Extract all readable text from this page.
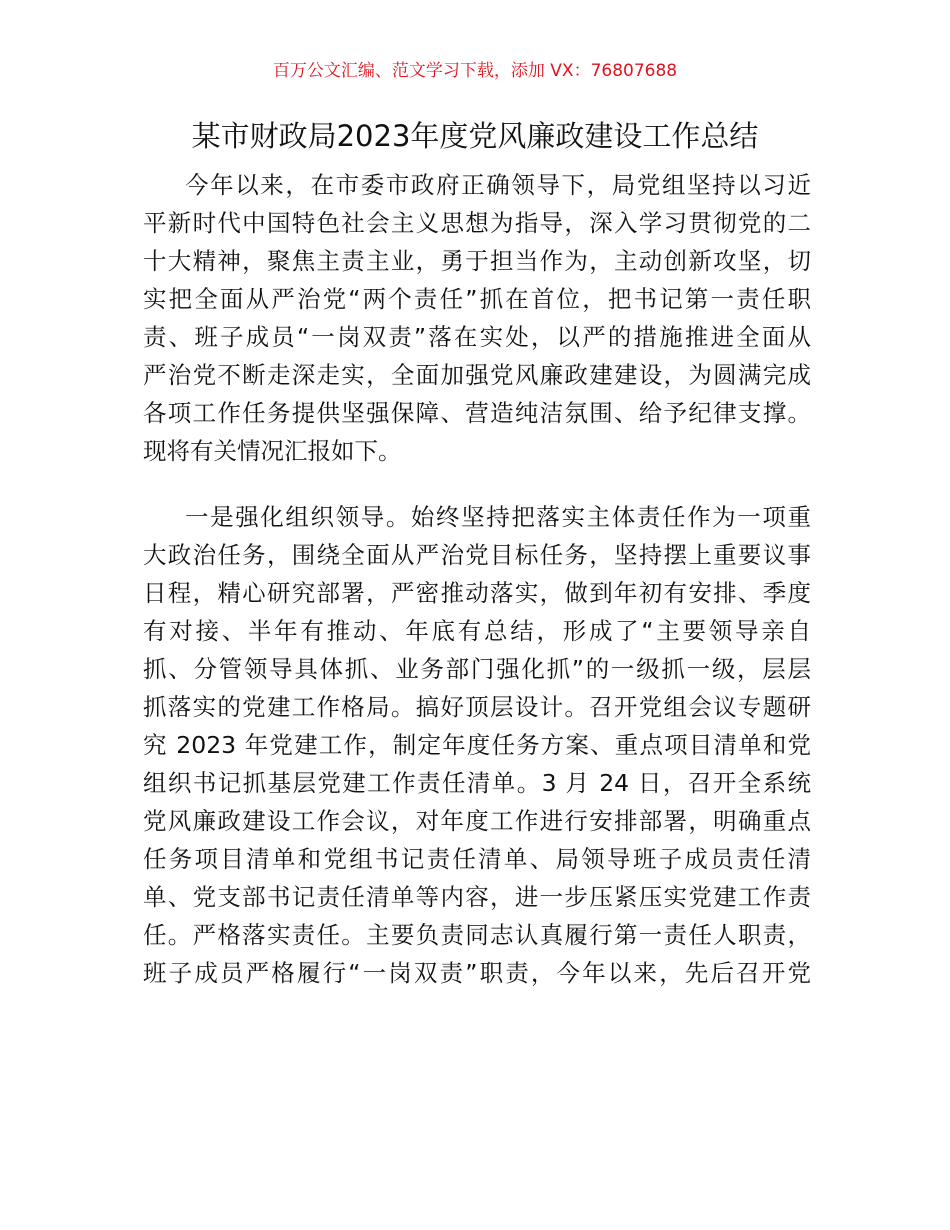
百万公文汇编、范文学习下载，添加 VX：76807688
某市财政局2023年度党风廉政建设工作总结
今年以来，在市委市政府正确领导下，局党组坚持以习近
平新时代中国特色社会主义思想为指导，深入学习贯彻党的二
十大精神，聚焦主责主业，勇于担当作为，主动创新攻坚，切
实把全面从严治党“两个责任”抓在首位，把书记第一责任职
责、班子成员“一岗双责”落在实处，以严的措施推进全面从
严治党不断走深走实，全面加强党风廉政建建设，为圆满完成
各项工作任务提供坚强保障、营造纯洁氛围、给予纪律支撑。
现将有关情况汇报如下。
一是强化组织领导。始终坚持把落实主体责任作为一项重
大政治任务，围绕全面从严治党目标任务，坚持摆上重要议事
日程，精心研究部署，严密推动落实，做到年初有安排、季度
有对接、半年有推动、年底有总结，形成了“主要领导亲自
抓、分管领导具体抓、业务部门强化抓”的一级抓一级，层层
抓落实的党建工作格局。搞好顶层设计。召开党组会议专题研
究 2023 年党建工作，制定年度任务方案、重点项目清单和党
组织书记抓基层党建工作责任清单。3 月 24 日，召开全系统
党风廉政建设工作会议，对年度工作进行安排部署，明确重点
任务项目清单和党组书记责任清单、局领导班子成员责任清
单、党支部书记责任清单等内容，进一步压紧压实党建工作责
任。严格落实责任。主要负责同志认真履行第一责任人职责，
班子成员严格履行“一岗双责”职责，今年以来，先后召开党
